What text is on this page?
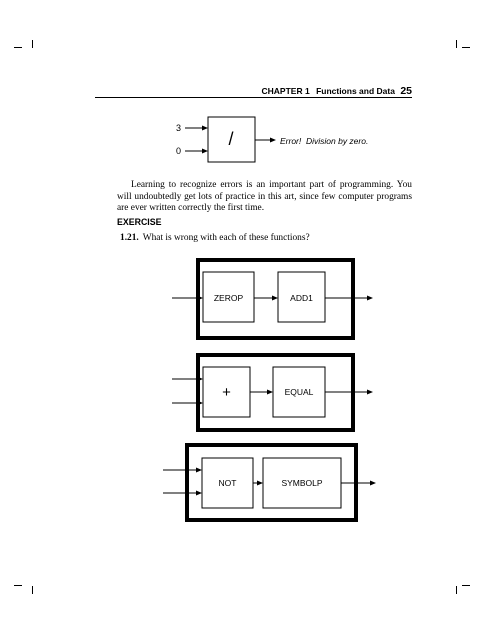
CHAPTER 1 Functions and Data 25
3
0
/	Error!  Division by zero.
Learning to recognize errors is an important part of programming. You will undoubtedly get lots of practice in this art, since few computer programs are ever written correctly the first time.
EXERCISE
1.21. What is wrong with each of these functions?
ZEROP	ADD1
+	EQUAL
NOT	SYMBOLP
